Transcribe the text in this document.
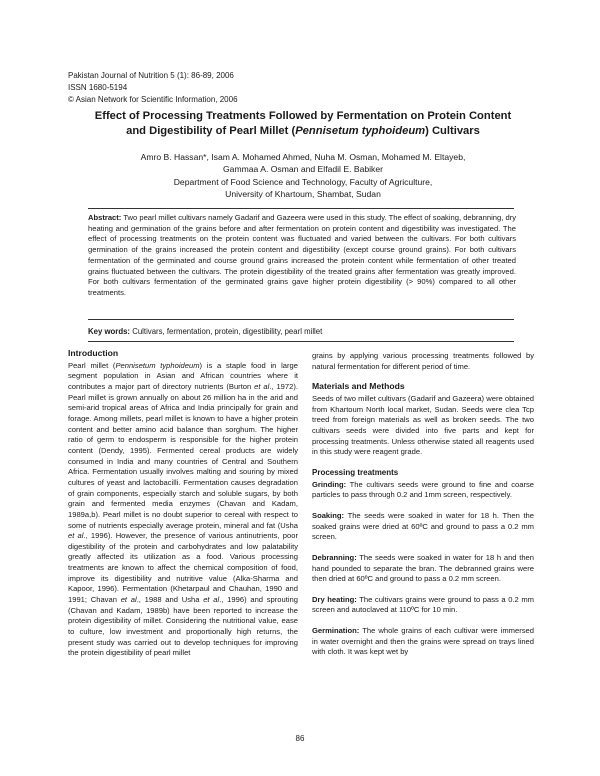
Pakistan Journal of Nutrition 5 (1): 86-89, 2006
ISSN 1680-5194
© Asian Network for Scientific Information, 2006
Effect of Processing Treatments Followed by Fermentation on Protein Content
and Digestibility of Pearl Millet (Pennisetum typhoideum) Cultivars
Amro B. Hassan*, Isam A. Mohamed Ahmed, Nuha M. Osman, Mohamed M. Eltayeb,
Gammaa A. Osman and Elfadil E. Babiker
Department of Food Science and Technology, Faculty of Agriculture,
University of Khartoum, Shambat, Sudan
Abstract: Two pearl millet cultivars namely Gadarif and Gazeera were used in this study. The effect of soaking, debranning, dry heating and germination of the grains before and after fermentation on protein content and digestibility was investigated. The effect of processing treatments on the protein content was fluctuated and varied between the cultivars. For both cultivars germination of the grains increased the protein content and digestibility (except course ground grains). For both cultivars fermentation of the germinated and course ground grains increased the protein content while fermentation of other treated grains fluctuated between the cultivars. The protein digestibility of the treated grains after fermentation was greatly improved. For both cultivars fermentation of the germinated grains gave higher protein digestibility (> 90%) compared to all other treatments.
Key words: Cultivars, fermentation, protein, digestibility, pearl millet
Introduction

Pearl millet (Pennisetum typhoideum) is a staple food in large segment population in Asian and African countries where it contributes a major part of directory nutrients (Burton et al., 1972). Pearl millet is grown annually on about 26 million ha in the arid and semi-arid tropical areas of Africa and India principally for grain and forage. Among millets, pearl millet is known to have a higher protein content and better amino acid balance than sorghum. The higher ratio of germ to endosperm is responsible for the higher protein content (Dendy, 1995). Fermented cereal products are widely consumed in India and many countries of Central and Southern Africa. Fermentation usually involves malting and souring by mixed cultures of yeast and lactobacilli. Fermentation causes degradation of grain components, especially starch and soluble sugars, by both grain and fermented media enzymes (Chavan and Kadam, 1989a,b). Pearl millet is no doubt superior to cereal with respect to some of nutrients especially average protein, mineral and fat (Usha et al., 1996). However, the presence of various antinutrients, poor digestibility of the protein and carbohydrates and low palatability greatly affected its utilization as a food. Various processing treatments are known to affect the chemical composition of food, improve its digestibility and nutritive value (Alka-Sharma and Kapoor, 1996). Fermentation (Khetarpaul and Chauhan, 1990 and 1991; Chavan et al., 1988 and Usha et al., 1996) and sprouting (Chavan and Kadam, 1989b) have been reported to increase the protein digestibility of millet. Considering the nutritional value, ease to culture, low investment and proportionally high returns, the present study was carried out to develop techniques for improving the protein digestibility of pearl millet

grains by applying various processing treatments followed by natural fermentation for different period of time.

Materials and Methods

Seeds of two millet cultivars (Gadarif and Gazeera) were obtained from Khartoum North local market, Sudan. Seeds were clea Tcp treed from foreign materials as well as broken seeds. The two cultivars seeds were divided into five parts and kept for processing treatments. Unless otherwise stated all reagents used in this study were reagent grade.

Processing treatments

Grinding: The cultivars seeds were ground to fine and coarse particles to pass through 0.2 and 1mm screen, respectively.

Soaking: The seeds were soaked in water for 18 h. Then the soaked grains were dried at 60ºC and ground to pass a 0.2 mm screen.

Debranning: The seeds were soaked in water for 18 h and then hand pounded to separate the bran. The debranned grains were then dried at 60ºC and ground to pass a 0.2 mm screen.

Dry heating: The cultivars grains were ground to pass a 0.2 mm screen and autoclaved at 110ºC for 10 min.

Germination: The whole grains of each cultivar were immersed in water overnight and then the grains were spread on trays lined with cloth. It was kept wet by

86
